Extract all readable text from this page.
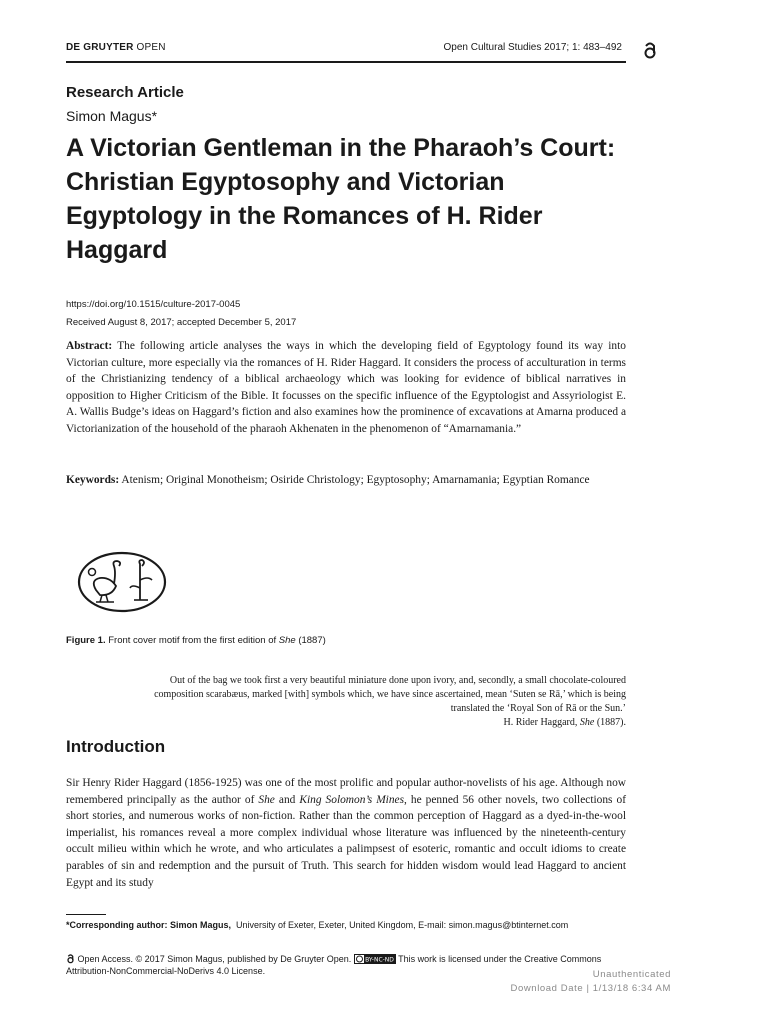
DE GRUYTER OPEN	Open Cultural Studies 2017; 1: 483–492
Research Article
Simon Magus*
A Victorian Gentleman in the Pharaoh’s Court: Christian Egyptosophy and Victorian Egyptology in the Romances of H. Rider Haggard
https://doi.org/10.1515/culture-2017-0045
Received August 8, 2017; accepted December 5, 2017

Abstract: The following article analyses the ways in which the developing field of Egyptology found its way into Victorian culture, more especially via the romances of H. Rider Haggard. It considers the process of acculturation in terms of the Christianizing tendency of a biblical archaeology which was looking for evidence of biblical narratives in opposition to Higher Criticism of the Bible. It focusses on the specific influence of the Egyptologist and Assyriologist E. A. Wallis Budge’s ideas on Haggard’s fiction and also examines how the prominence of excavations at Amarna produced a Victorianization of the household of the pharaoh Akhenaten in the phenomenon of “Amarnamania.”

Keywords: Atenism; Original Monotheism; Osiride Christology; Egyptosophy; Amarnamania; Egyptian Romance

Figure 1. Front cover motif from the first edition of She (1887)

Out of the bag we took first a very beautiful miniature done upon ivory, and, secondly, a small chocolate-coloured

composition scarabæus, marked [with] symbols which, we have since ascertained, mean ‘Suten se Rā,’ which is being

translated the ‘Royal Son of Rā or the Sun.’

H. Rider Haggard, She (1887).

Introduction

Sir Henry Rider Haggard (1856-1925) was one of the most prolific and popular author-novelists of his age. Although now remembered principally as the author of She and King Solomon’s Mines, he penned 56 other novels, two collections of short stories, and numerous works of non-fiction. Rather than the common perception of Haggard as a dyed-in-the-wool imperialist, his romances reveal a more complex individual whose literature was influenced by the nineteenth-century occult milieu within which he wrote, and who articulates a palimpsest of esoteric, romantic and occult idioms to create parables of sin and redemption and the pursuit of Truth. This search for hidden wisdom would lead Haggard to ancient Egypt and its study

*Corresponding author: Simon Magus, University of Exeter, Exeter, United Kingdom, E-mail: simon.magus@btinternet.com
Open Access. © 2017 Simon Magus, published by De Gruyter Open. BY-NC-ND This work is licensed under the Creative Commons Attribution-NonCommercial-NoDerivs 4.0 License.	Unauthenticated
Download Date | 1/13/18 6:34 AM
